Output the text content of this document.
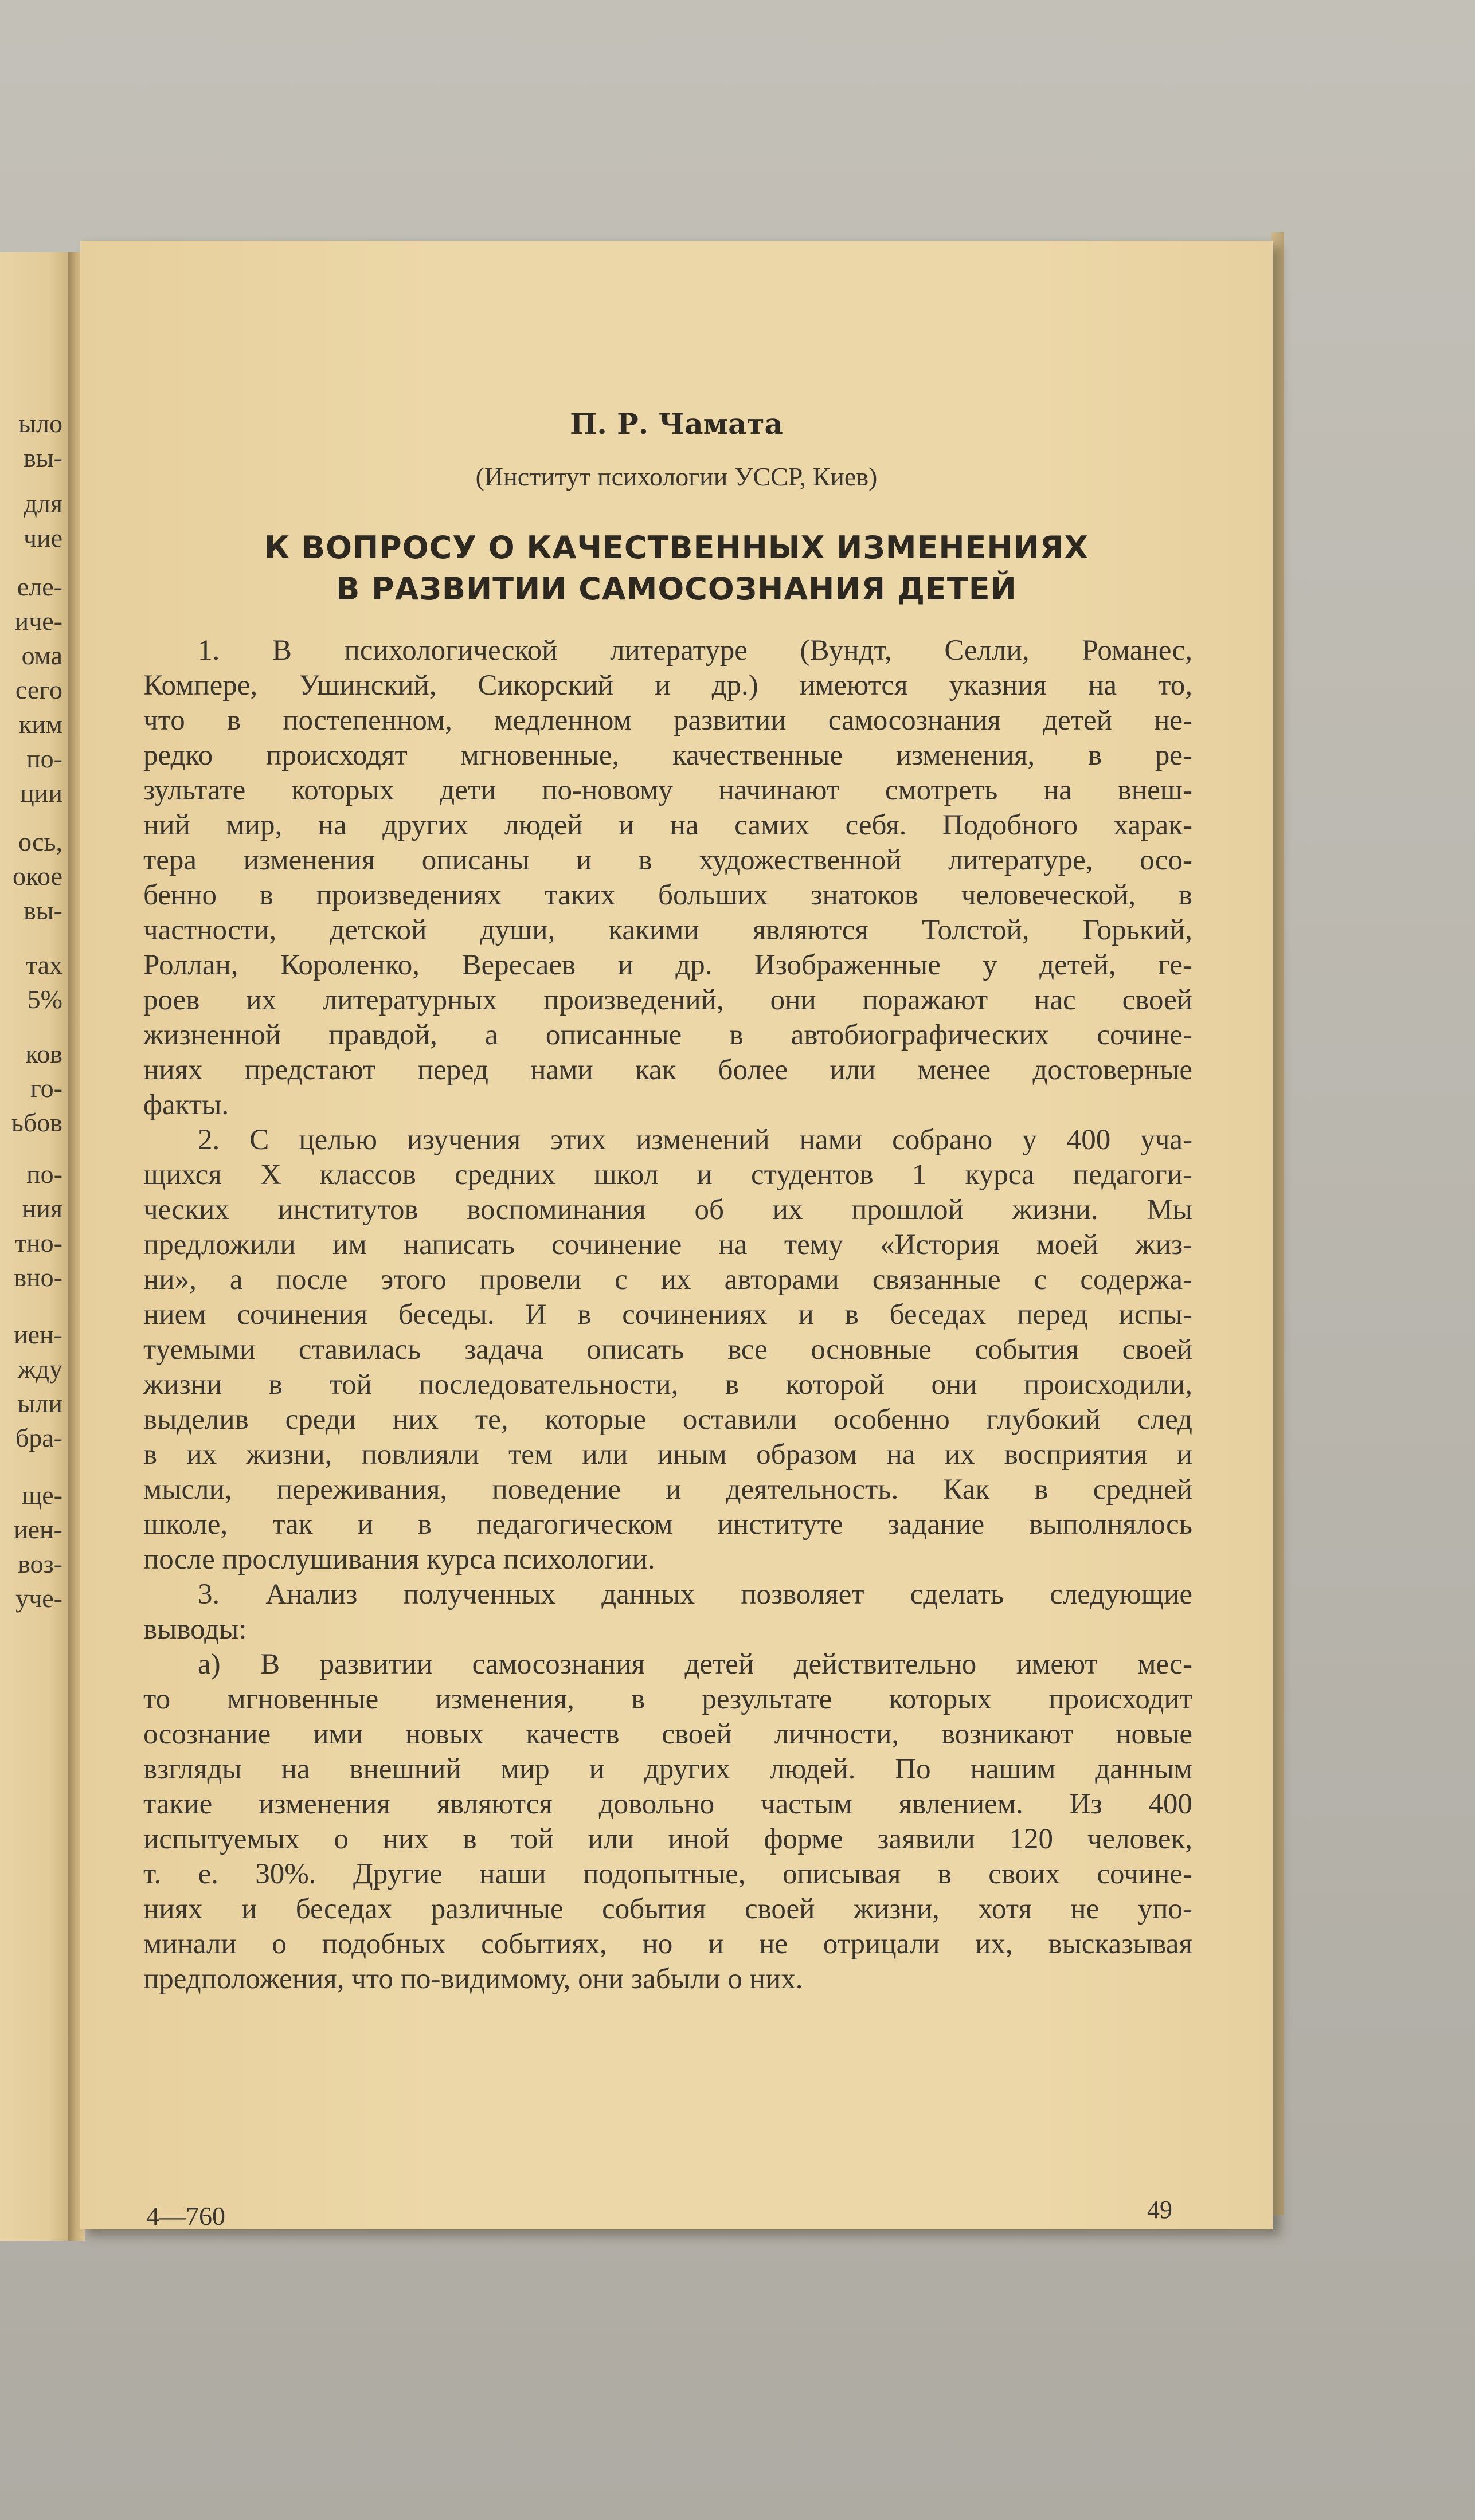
ыло
вы-
для
чие
еле-
иче-
ома
сего
ким
по-
ции
ось,
окое
вы-
тах
5%
ков
го-
ьбов
по-
ния
тно-
вно-
иен-
жду
ыли
бра-
ще-
иен-
воз-
уче-
П. Р. Чамата
(Институт психологии УССР, Киев)
К ВОПРОСУ О КАЧЕСТВЕННЫХ ИЗМЕНЕНИЯХ
В РАЗВИТИИ САМОСОЗНАНИЯ ДЕТЕЙ
1. В психологической литературе (Вундт, Селли, Романес,
Компере, Ушинский, Сикорский и др.) имеются указния на то,
что в постепенном, медленном развитии самосознания детей не-
редко происходят мгновенные, качественные изменения, в ре-
зультате которых дети по-новому начинают смотреть на внеш-
ний мир, на других людей и на самих себя. Подобного харак-
тера изменения описаны и в художественной литературе, осо-
бенно в произведениях таких больших знатоков человеческой, в
частности, детской души, какими являются Толстой, Горький,
Роллан, Короленко, Вересаев и др. Изображенные у детей, ге-
роев их литературных произведений, они поражают нас своей
жизненной правдой, а описанные в автобиографических сочине-
ниях предстают перед нами как более или менее достоверные
факты.
2. С целью изучения этих изменений нами собрано у 400 уча-
щихся X классов средних школ и студентов 1 курса педагоги-
ческих институтов воспоминания об их прошлой жизни. Мы
предложили им написать сочинение на тему «История моей жиз-
ни», а после этого провели с их авторами связанные с содержа-
нием сочинения беседы. И в сочинениях и в беседах перед испы-
туемыми ставилась задача описать все основные события своей
жизни в той последовательности, в которой они происходили,
выделив среди них те, которые оставили особенно глубокий след
в их жизни, повлияли тем или иным образом на их восприятия и
мысли, переживания, поведение и деятельность. Как в средней
школе, так и в педагогическом институте задание выполнялось
после прослушивания курса психологии.
3. Анализ полученных данных позволяет сделать следующие
выводы:
а) В развитии самосознания детей действительно имеют мес-
то мгновенные изменения, в результате которых происходит
осознание ими новых качеств своей личности, возникают новые
взгляды на внешний мир и других людей. По нашим данным
такие изменения являются довольно частым явлением. Из 400
испытуемых о них в той или иной форме заявили 120 человек,
т. е. 30%. Другие наши подопытные, описывая в своих сочине-
ниях и беседах различные события своей жизни, хотя не упо-
минали о подобных событиях, но и не отрицали их, высказывая
предположения, что по-видимому, они забыли о них.
4—760	49
